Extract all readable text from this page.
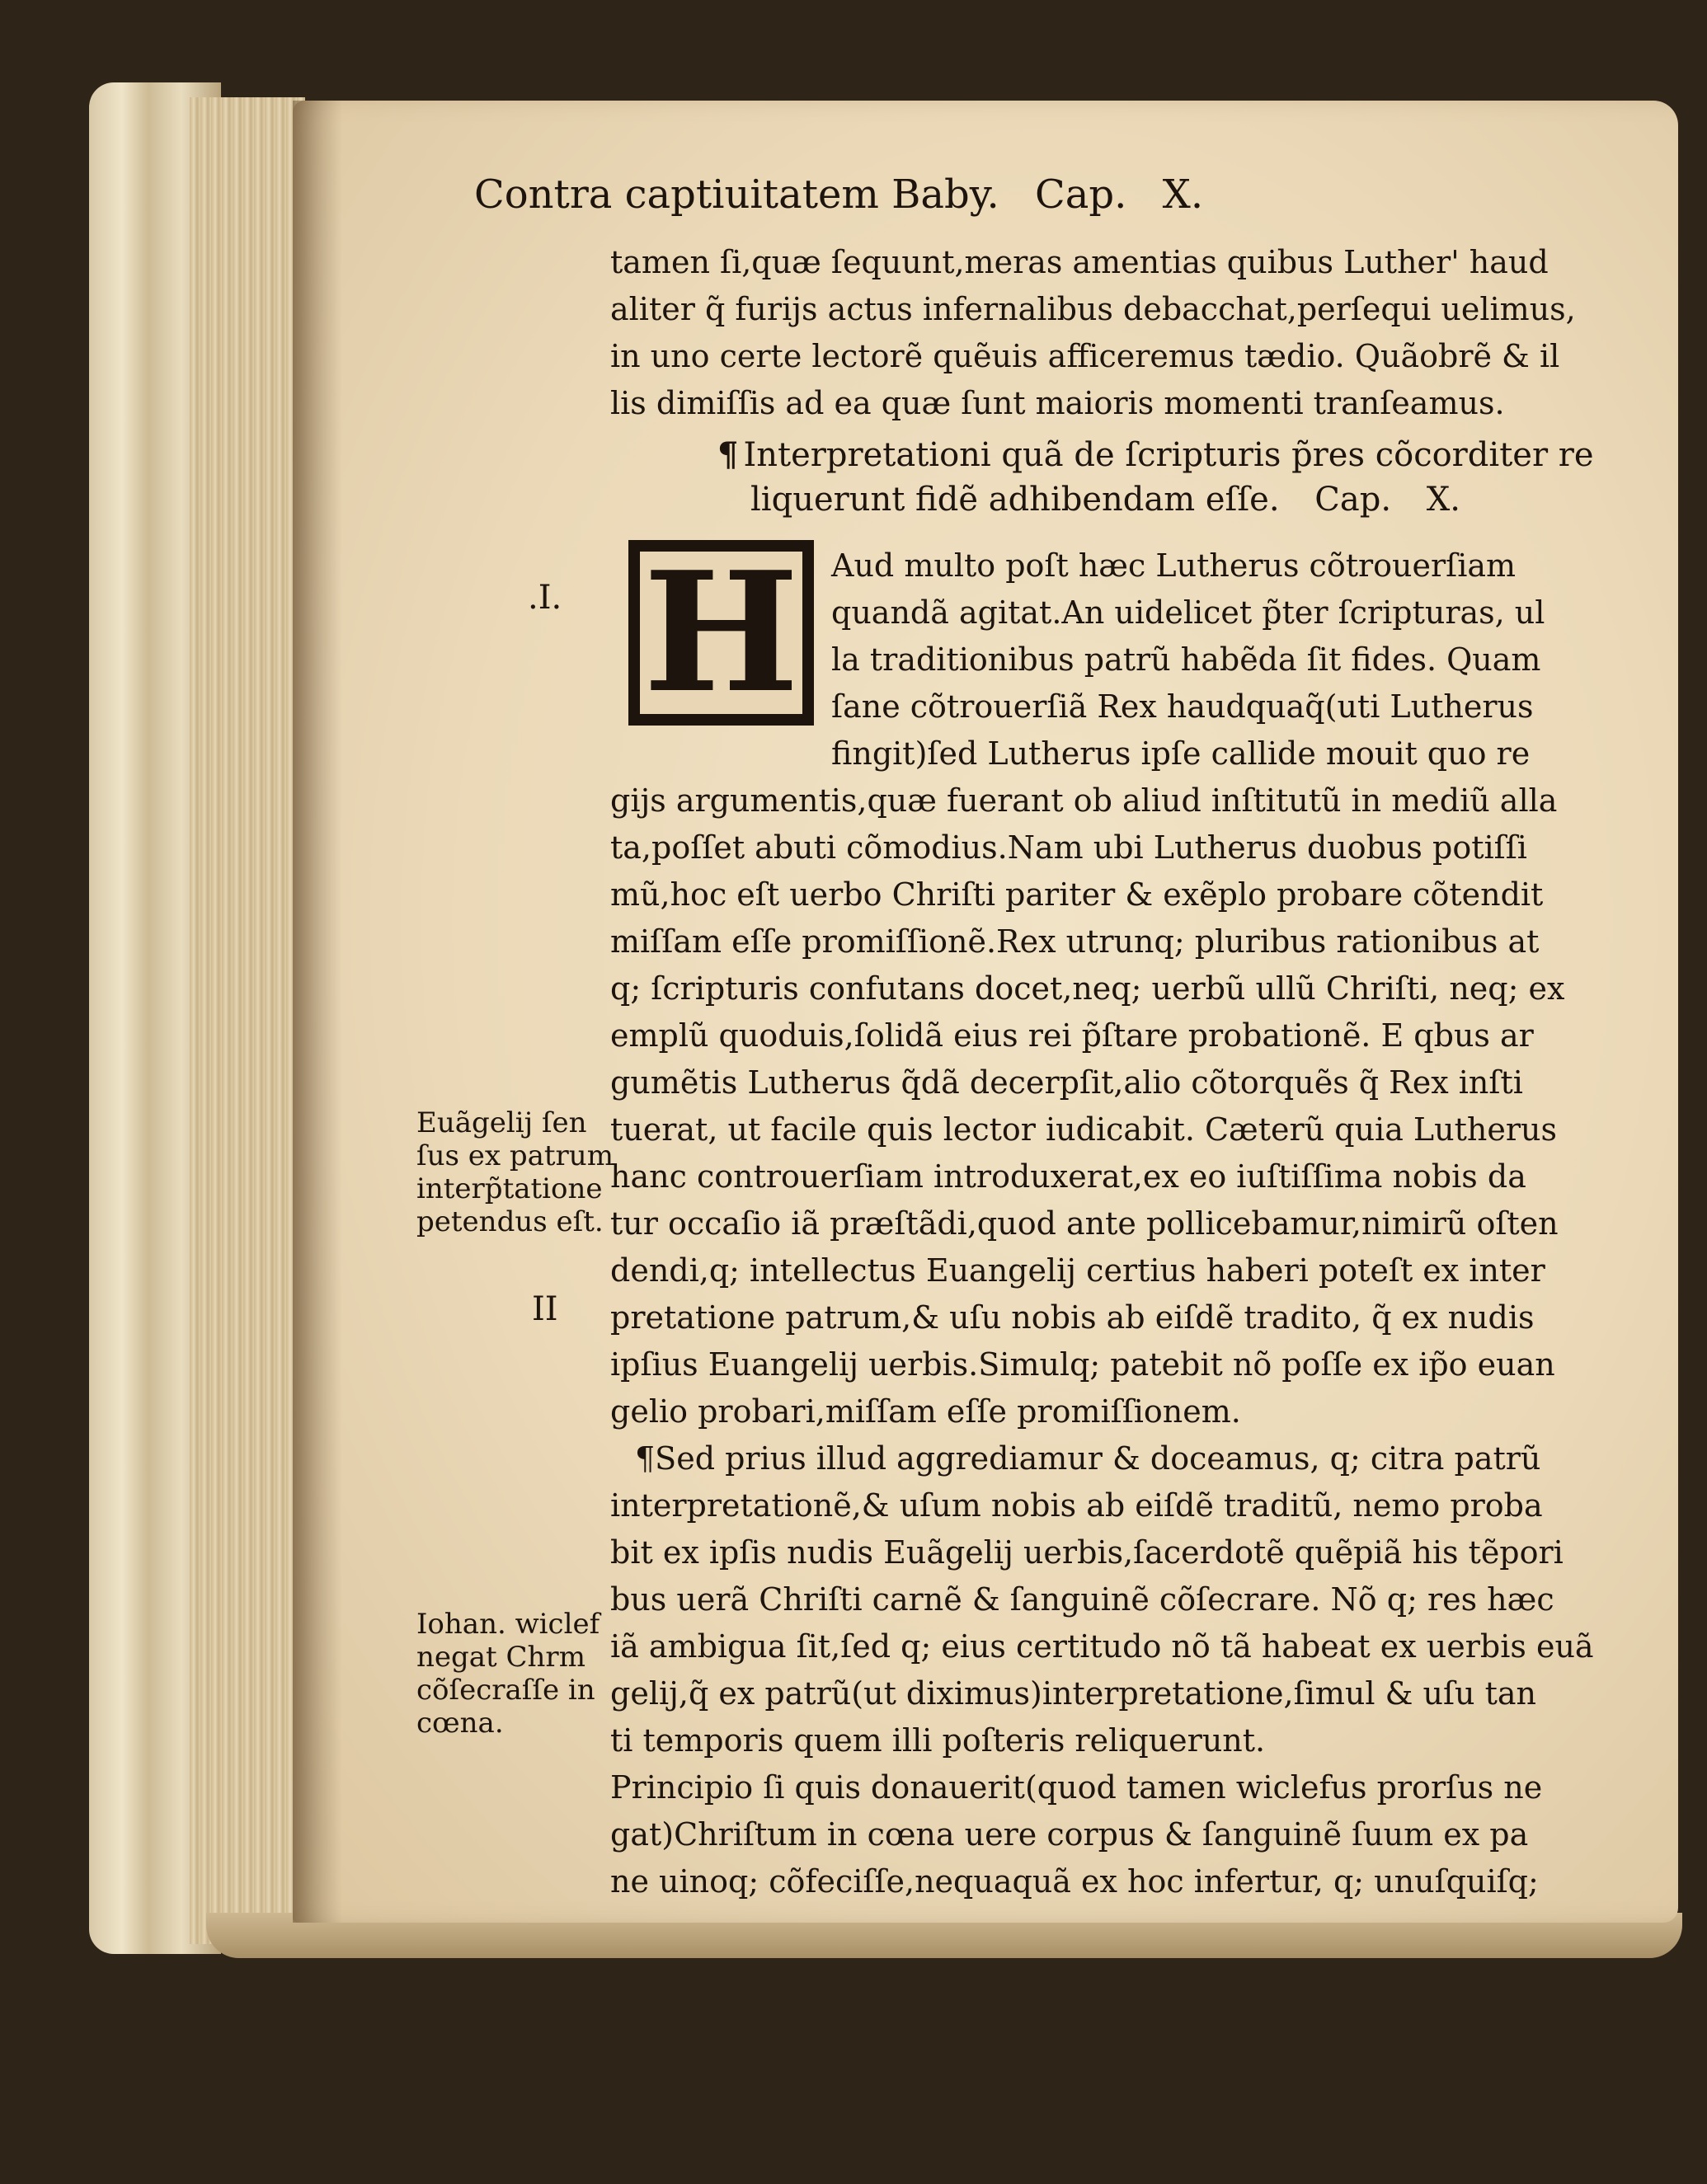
Contra captiuitatem Baby. Cap. X.
tamen ſi,quæ ſequunt,meras amentias quibus Luther' haud
aliter q̃ furijs actus infernalibus debacchat,perſequi uelimus,
in uno certe lectorẽ quẽuis afficeremus tædio. Quãobrẽ & il
lis dimiſſis ad ea quæ ſunt maioris momenti tranſeamus.
¶ Interpretationi quã de ſcripturis p̃res cõcorditer re
liquerunt fidẽ adhibendam eſſe. Cap. X.
H Aud multo poſt hæc Lutherus cõtrouerſiam
quandã agitat.An uidelicet p̃ter ſcripturas, ul
la traditionibus patrũ habẽda ſit fides. Quam
ſane cõtrouerſiã Rex haudquaq̃(uti Lutherus
fingit)ſed Lutherus ipſe callide mouit quo re
gijs argumentis,quæ fuerant ob aliud inſtitutũ in mediũ alla
ta,poſſet abuti cõmodius.Nam ubi Lutherus duobus potiſſi
mũ,hoc eſt uerbo Chriſti pariter & exẽplo probare cõtendit
miſſam eſſe promiſſionẽ.Rex utrunq; pluribus rationibus at
q; ſcripturis confutans docet,neq; uerbũ ullũ Chriſti, neq; ex
emplũ quoduis,ſolidã eius rei p̃ſtare probationẽ. E qbus ar
gumẽtis Lutherus q̃dã decerpſit,alio cõtorquẽs q̃ Rex inſti
tuerat, ut facile quis lector iudicabit. Cæterũ quia Lutherus
hanc controuerſiam introduxerat,ex eo iuſtiſſima nobis da
tur occaſio iã præſtãdi,quod ante pollicebamur,nimirũ oſten
dendi,q; intellectus Euangelij certius haberi poteſt ex inter
pretatione patrum,& uſu nobis ab eiſdẽ tradito, q̃ ex nudis
ipſius Euangelij uerbis.Simulq; patebit nõ poſſe ex ip̃o euan
gelio probari,miſſam eſſe promiſſionem.
¶Sed prius illud aggrediamur & doceamus, q; citra patrũ
interpretationẽ,& uſum nobis ab eiſdẽ traditũ, nemo proba
bit ex ipſis nudis Euãgelij uerbis,ſacerdotẽ quẽpiã his tẽpori
bus uerã Chriſti carnẽ & ſanguinẽ cõſecrare. Nõ q; res hæc
iã ambigua ſit,ſed q; eius certitudo nõ tã habeat ex uerbis euã
gelij,q̃ ex patrũ(ut diximus)interpretatione,ſimul & uſu tan
ti temporis quem illi poſteris reliquerunt.
Principio ſi quis donauerit(quod tamen wiclefus prorſus ne
gat)Chriſtum in cœna uere corpus & ſanguinẽ ſuum ex pa
ne uinoq; cõfeciſſe,nequaquã ex hoc infertur, q; unuſquiſq;
.I.
II
Euãgelij ſen
ſus ex patrum
interp̃tatione
petendus eſt.
Iohan. wiclef
negat Chrm
cõſecraſſe in
cœna.
